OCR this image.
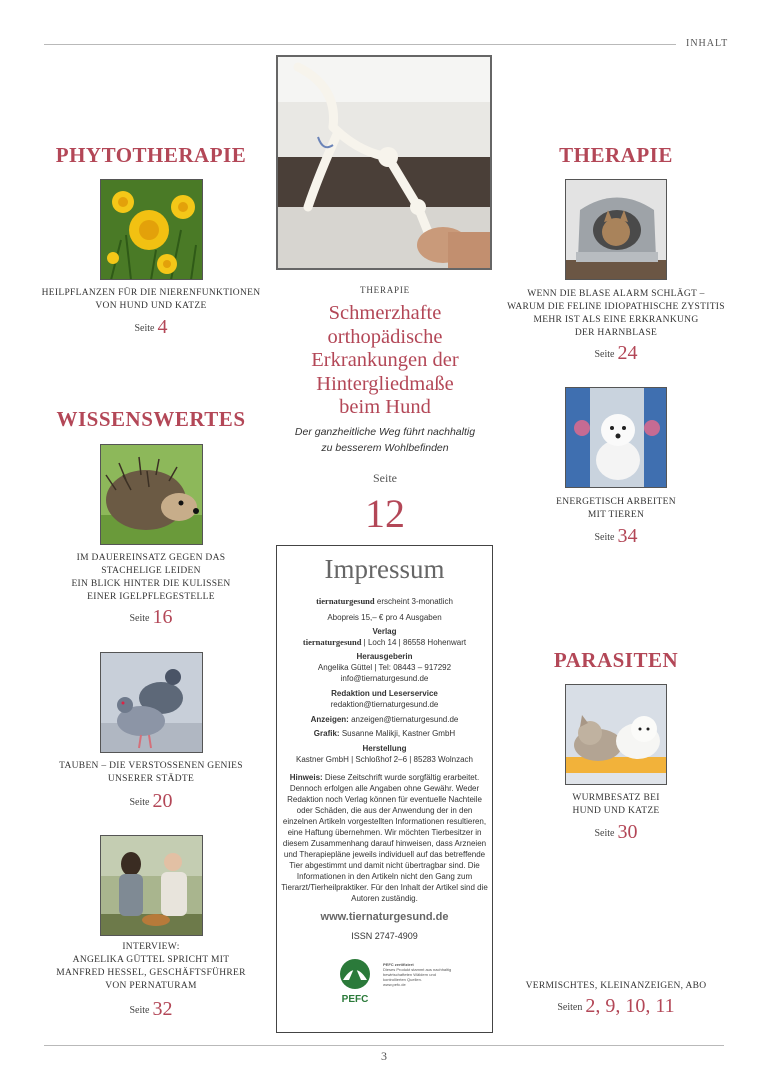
INHALT
PHYTOTHERAPIE
HEILPFLANZEN FÜR DIE NIERENFUNKTIONEN
VON HUND UND KATZE
Seite 4
WISSENSWERTES
IM DAUEREINSATZ GEGEN DAS
STACHELIGE LEIDEN
EIN BLICK HINTER DIE KULISSEN
EINER IGELPFLEGESTELLE
Seite 16
TAUBEN – DIE VERSTOSSENEN GENIES
UNSERER STÄDTE
Seite 20
INTERVIEW:
ANGELIKA GÜTTEL SPRICHT MIT
MANFRED HESSEL, GESCHÄFTSFÜHRER
VON PERNATURAM
Seite 32
THERAPIE
Schmerzhafte
orthopädische
Erkrankungen der
Hintergliedmaße
beim Hund
Der ganzheitliche Weg führt nachhaltig
zu besserem Wohlbefinden
Seite
12
Impressum
tiernaturgesund erscheint 3-monatlich
Abopreis 15,– € pro 4 Ausgaben
Verlag
tiernaturgesund | Loch 14 | 86558 Hohenwart
Herausgeberin
Angelika Güttel | Tel: 08443 – 917292
info@tiernaturgesund.de
Redaktion und Leserservice
redaktion@tiernaturgesund.de
Anzeigen: anzeigen@tiernaturgesund.de
Grafik: Susanne Malikji, Kastner GmbH
Herstellung
Kastner GmbH | Schloßhof 2–6 | 85283 Wolnzach
Hinweis: Diese Zeitschrift wurde sorgfältig erarbeitet. Dennoch erfolgen alle Angaben ohne Gewähr. Weder Redaktion noch Verlag können für eventuelle Nachteile oder Schäden, die aus der Anwendung der in den einzelnen Artikeln vorgestellten Informationen resultieren, eine Haftung übernehmen. Wir möchten Tierbesitzer in diesem Zusammenhang darauf hinweisen, dass Arzneien und Therapiepläne jeweils individuell auf das betreffende Tier abgestimmt und damit nicht übertragbar sind. Die Informationen in den Artikeln nicht den Gang zum Tierarzt/Tierheilpraktiker. Für den Inhalt der Artikel sind die Autoren zuständig.
www.tiernaturgesund.de
ISSN 2747-4909
PEFC
PEFC zertifiziert
Dieses Produkt stammt aus nachhaltig bewirtschafteten Wäldern und kontrollierten Quellen.
www.pefc.de
THERAPIE
WENN DIE BLASE ALARM SCHLÄGT –
WARUM DIE FELINE IDIOPATHISCHE ZYSTITIS
MEHR IST ALS EINE ERKRANKUNG
DER HARNBLASE
Seite 24
ENERGETISCH ARBEITEN
MIT TIEREN
Seite 34
PARASITEN
WURMBESATZ BEI
HUND UND KATZE
Seite 30
VERMISCHTES, KLEINANZEIGEN, ABO
Seiten 2, 9, 10, 11
3
